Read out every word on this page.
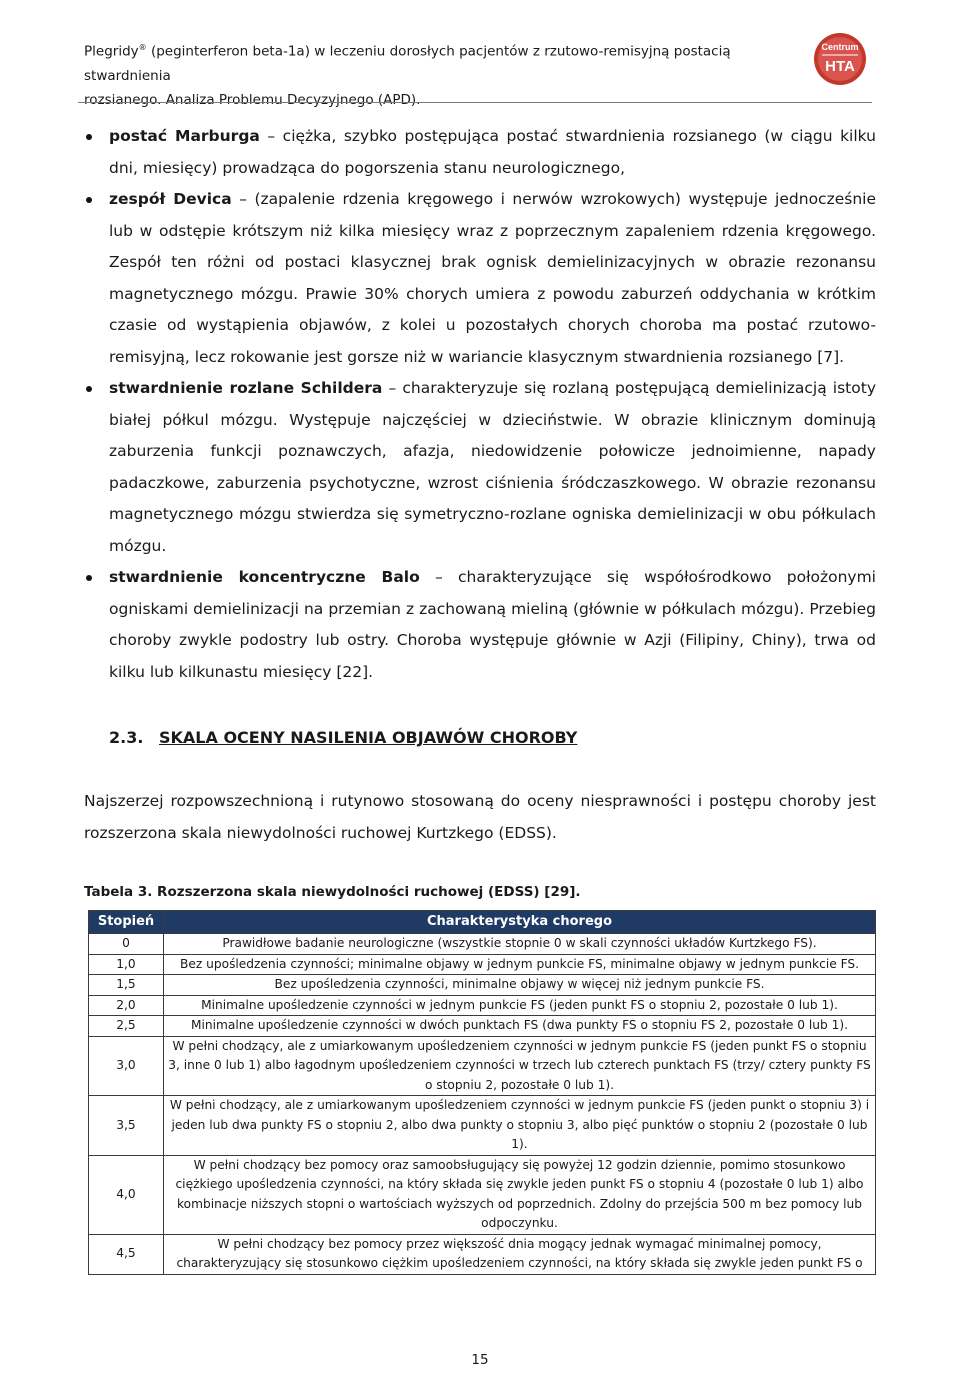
Plegridy® (peginterferon beta-1a) w leczeniu dorosłych pacjentów z rzutowo-remisyjną postacią stwardnienia
rozsianego. Analiza Problemu Decyzyjnego (APD).
Centrum
HTA
postać Marburga – ciężka, szybko postępująca postać stwardnienia rozsianego (w ciągu kilku dni, miesięcy) prowadząca do pogorszenia stanu neurologicznego,
zespół Devica – (zapalenie rdzenia kręgowego i nerwów wzrokowych) występuje jednocześnie lub w odstępie krótszym niż kilka miesięcy wraz z poprzecznym zapaleniem rdzenia kręgowego. Zespół ten różni od postaci klasycznej brak ognisk demielinizacyjnych w obrazie rezonansu magnetycznego mózgu. Prawie 30% chorych umiera z powodu zaburzeń oddychania w krótkim czasie od wystąpienia objawów, z kolei u pozostałych chorych choroba ma postać rzutowo-remisyjną, lecz rokowanie jest gorsze niż w wariancie klasycznym stwardnienia rozsianego [7].
stwardnienie rozlane Schildera – charakteryzuje się rozlaną postępującą demielinizacją istoty białej półkul mózgu. Występuje najczęściej w dzieciństwie. W obrazie klinicznym dominują zaburzenia funkcji poznawczych, afazja, niedowidzenie połowicze jednoimienne, napady padaczkowe, zaburzenia psychotyczne, wzrost ciśnienia śródczaszkowego. W obrazie rezonansu magnetycznego mózgu stwierdza się symetryczno-rozlane ogniska demielinizacji w obu półkulach mózgu.
stwardnienie koncentryczne Balo – charakteryzujące się współośrodkowo położonymi ogniskami demielinizacji na przemian z zachowaną mieliną (głównie w półkulach mózgu). Przebieg choroby zwykle podostry lub ostry. Choroba występuje głównie w Azji (Filipiny, Chiny), trwa od kilku lub kilkunastu miesięcy [22].
2.3. SKALA OCENY NASILENIA OBJAWÓW CHOROBY

Najszerzej rozpowszechnioną i rutynowo stosowaną do oceny niesprawności i postępu choroby jest rozszerzona skala niewydolności ruchowej Kurtzkego (EDSS).

Tabela 3. Rozszerzona skala niewydolności ruchowej (EDSS) [29].
Stopień	Charakterystyka chorego
0	Prawidłowe badanie neurologiczne (wszystkie stopnie 0 w skali czynności układów Kurtzkego FS).
1,0	Bez upośledzenia czynności; minimalne objawy w jednym punkcie FS, minimalne objawy w jednym punkcie FS.
1,5	Bez upośledzenia czynności, minimalne objawy w więcej niż jednym punkcie FS.
2,0	Minimalne upośledzenie czynności w jednym punkcie FS (jeden punkt FS o stopniu 2, pozostałe 0 lub 1).
2,5	Minimalne upośledzenie czynności w dwóch punktach FS (dwa punkty FS o stopniu FS 2, pozostałe 0 lub 1).
3,0	W pełni chodzący, ale z umiarkowanym upośledzeniem czynności w jednym punkcie FS (jeden punkt FS o stopniu 3, inne 0 lub 1) albo łagodnym upośledzeniem czynności w trzech lub czterech punktach FS (trzy/ cztery punkty FS o stopniu 2, pozostałe 0 lub 1).
3,5	W pełni chodzący, ale z umiarkowanym upośledzeniem czynności w jednym punkcie FS (jeden punkt o stopniu 3) i jeden lub dwa punkty FS o stopniu 2, albo dwa punkty o stopniu 3, albo pięć punktów o stopniu 2 (pozostałe 0 lub 1).
4,0	W pełni chodzący bez pomocy oraz samoobsługujący się powyżej 12 godzin dziennie, pomimo stosunkowo ciężkiego upośledzenia czynności, na który składa się zwykle jeden punkt FS o stopniu 4 (pozostałe 0 lub 1) albo kombinacje niższych stopni o wartościach wyższych od poprzednich. Zdolny do przejścia 500 m bez pomocy lub odpoczynku.
4,5	W pełni chodzący bez pomocy przez większość dnia mogący jednak wymagać minimalnej pomocy, charakteryzujący się stosunkowo ciężkim upośledzeniem czynności, na który składa się zwykle jeden punkt FS o
15
